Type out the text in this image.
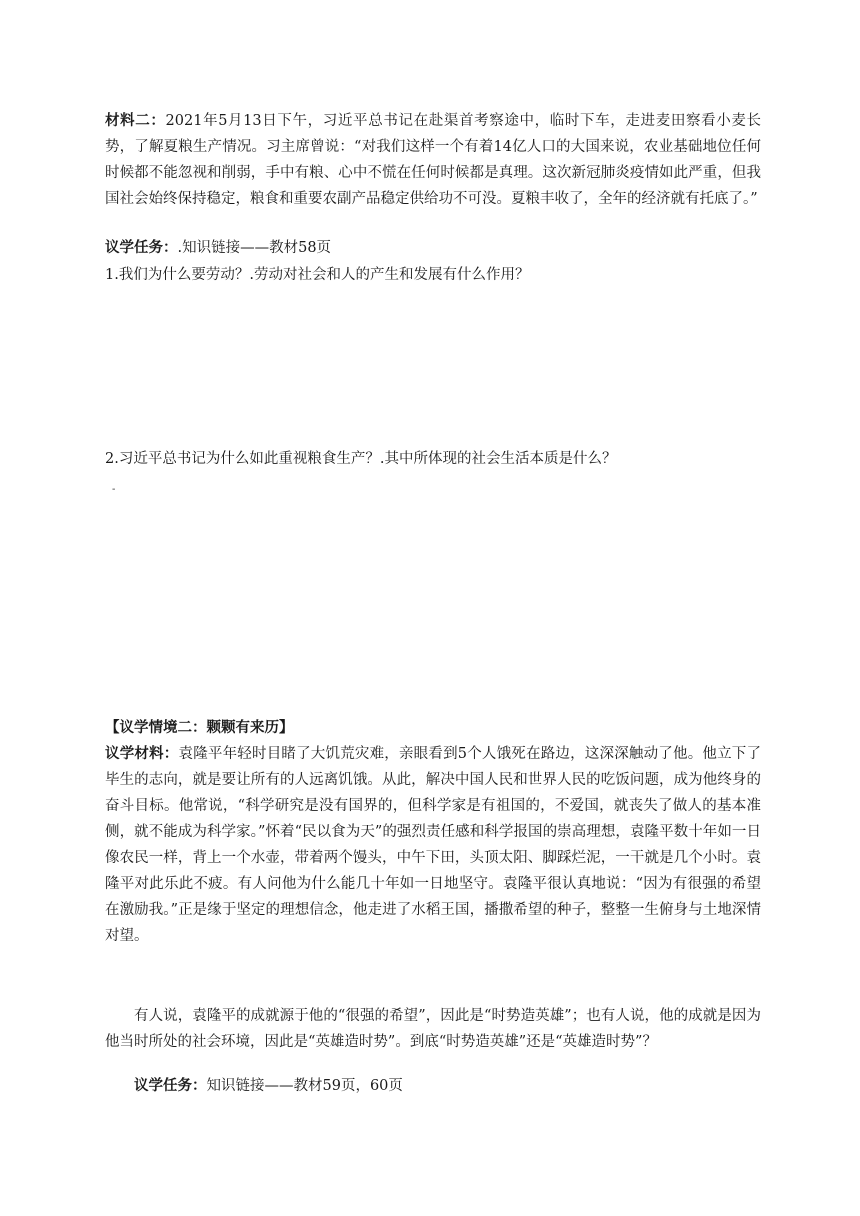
材料二：2021年5月13日下午，习近平总书记在赴渠首考察途中，临时下车，走进麦田察看小麦长势，了解夏粮生产情况。习主席曾说：“对我们这样一个有着14亿人口的大国来说，农业基础地位任何时候都不能忽视和削弱，手中有粮、心中不慌在任何时候都是真理。这次新冠肺炎疫情如此严重，但我国社会始终保持稳定，粮食和重要农副产品稳定供给功不可没。夏粮丰收了，全年的经济就有托底了。”
议学任务：.知识链接——教材58页
1.我们为什么要劳动？.劳动对社会和人的产生和发展有什么作用？
2.习近平总书记为什么如此重视粮食生产？.其中所体现的社会生活本质是什么？
-
【议学情境二：颗颗有来历】
议学材料：袁隆平年轻时目睹了大饥荒灾难，亲眼看到5个人饿死在路边，这深深触动了他。他立下了毕生的志向，就是要让所有的人远离饥饿。从此，解决中国人民和世界人民的吃饭问题，成为他终身的奋斗目标。他常说，“科学研究是没有国界的，但科学家是有祖国的，不爱国，就丧失了做人的基本准侧，就不能成为科学家。”怀着“民以食为天”的强烈责任感和科学报国的崇高理想，袁隆平数十年如一日像农民一样，背上一个水壶，带着两个馒头，中午下田，头顶太阳、脚踩烂泥，一干就是几个小时。袁隆平对此乐此不疲。有人问他为什么能几十年如一日地坚守。袁隆平很认真地说：“因为有很强的希望在激励我。”正是缘于坚定的理想信念，他走进了水稻王国，播撒希望的种子，整整一生俯身与土地深情对望。
有人说，袁隆平的成就源于他的“很强的希望”，因此是“时势造英雄”；也有人说，他的成就是因为他当时所处的社会环境，因此是“英雄造时势”。到底“时势造英雄”还是“英雄造时势”？
议学任务：知识链接——教材59页，60页
